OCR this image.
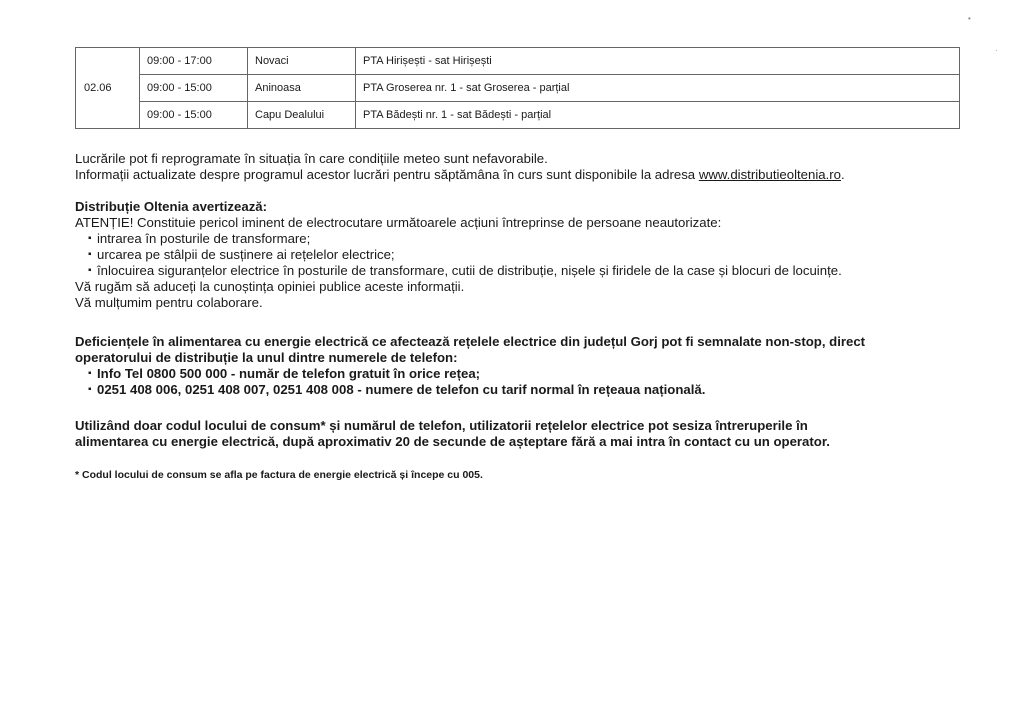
•
·
02.06	09:00 - 17:00	Novaci	PTA Hirișești - sat Hirișești
	09:00 - 15:00	Aninoasa	PTA Groserea nr. 1 - sat Groserea - parțial
	09:00 - 15:00	Capu Dealului	PTA Bădești nr. 1 - sat Bădești - parțial
Lucrările pot fi reprogramate în situația în care condițiile meteo sunt nefavorabile.
Informații actualizate despre programul acestor lucrări pentru săptămâna în curs sunt disponibile la adresa www.distributieoltenia.ro.
Distribuție Oltenia avertizează:
ATENȚIE! Constituie pericol iminent de electrocutare următoarele acțiuni întreprinse de persoane neautorizate:
▪ intrarea în posturile de transformare;
▪ urcarea pe stâlpii de susținere ai rețelelor electrice;
▪ înlocuirea siguranțelor electrice în posturile de transformare, cutii de distribuție, nișele și firidele de la case și blocuri de locuințe.
Vă rugăm să aduceți la cunoștința opiniei publice aceste informații.
Vă mulțumim pentru colaborare.
Deficiențele în alimentarea cu energie electrică ce afectează rețelele electrice din județul Gorj pot fi semnalate non-stop, direct
operatorului de distribuție la unul dintre numerele de telefon:
▪ Info Tel 0800 500 000 - număr de telefon gratuit în orice rețea;
▪ 0251 408 006, 0251 408 007, 0251 408 008 - numere de telefon cu tarif normal în rețeaua națională.
Utilizând doar codul locului de consum* și numărul de telefon, utilizatorii rețelelor electrice pot sesiza întreruperile în
alimentarea cu energie electrică, după aproximativ 20 de secunde de așteptare fără a mai intra în contact cu un operator.
* Codul locului de consum se afla pe factura de energie electrică și începe cu 005.
